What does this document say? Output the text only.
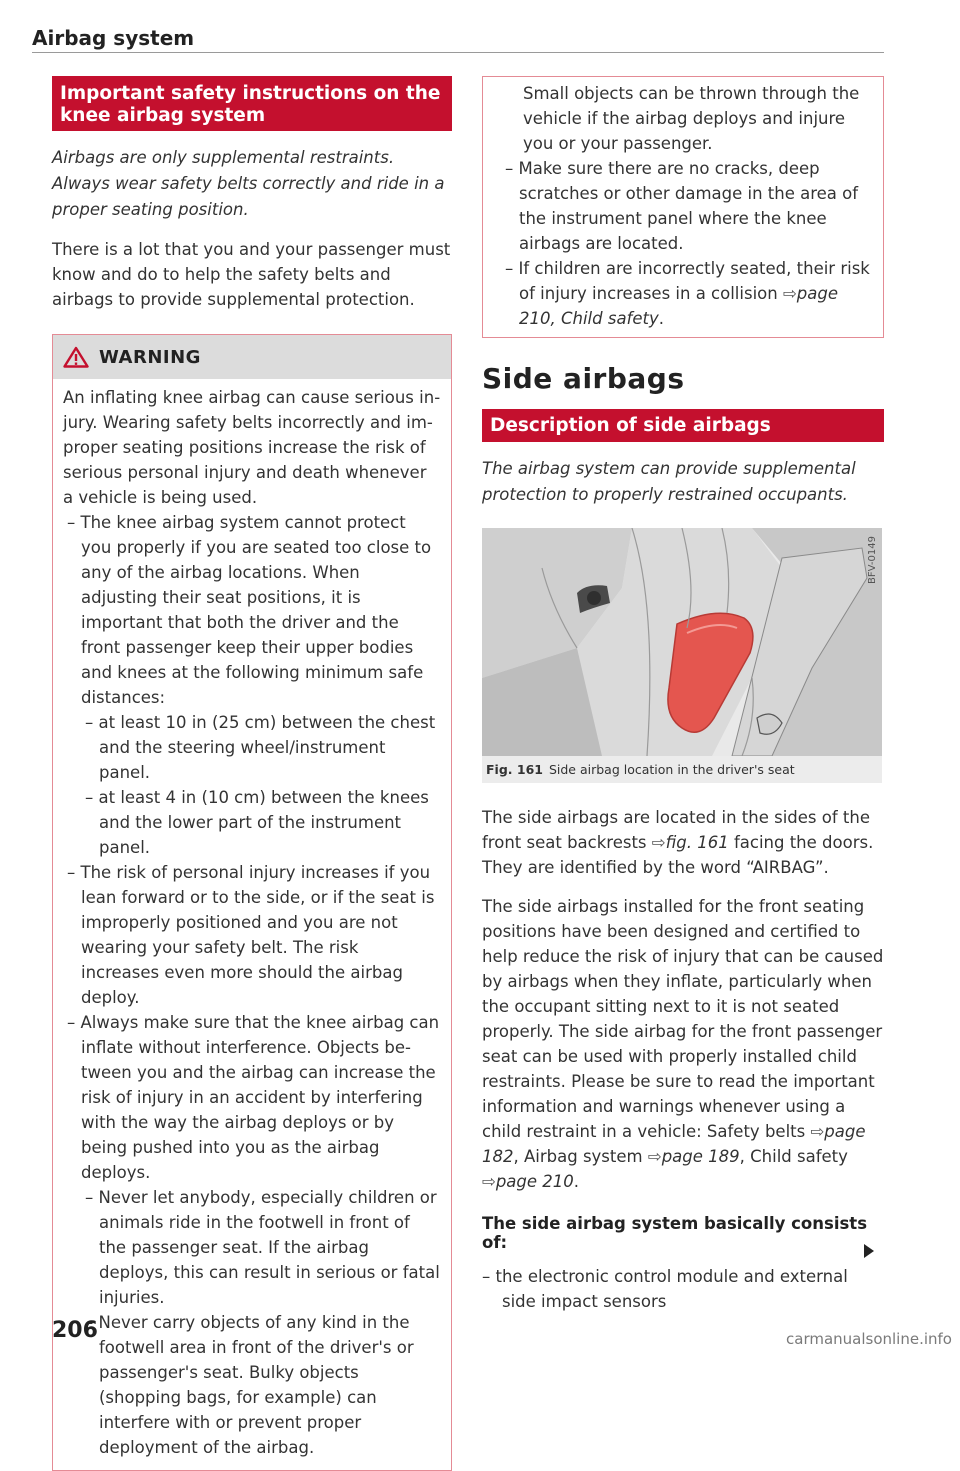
Airbag system
Important safety instructions on the knee airbag system

Airbags are only supplemental restraints. Always wear safety belts correctly and ride in a proper seating position.

There is a lot that you and your passenger must know and do to help the safety belts and airbags to provide supplemental protection.

WARNING

An inflating knee airbag can cause serious injury. Wearing safety belts incorrectly and improper seating positions increase the risk of serious personal injury and death whenever a vehicle is being used.

– The knee airbag system cannot protect you properly if you are seated too close to any of the airbag locations. When adjusting their seat positions, it is important that both the driver and the front passenger keep their upper bodies and knees at the following minimum safe distances:

– at least 10 in (25 cm) between the chest and the steering wheel/instrument panel.

– at least 4 in (10 cm) between the knees and the lower part of the instrument panel.

– The risk of personal injury increases if you lean forward or to the side, or if the seat is improperly positioned and you are not wearing your safety belt. The risk increases even more should the airbag deploy.

– Always make sure that the knee airbag can inflate without interference. Objects between you and the airbag can increase the risk of injury in an accident by interfering with the way the airbag deploys or by being pushed into you as the airbag deploys.

– Never let anybody, especially children or animals ride in the footwell in front of the passenger seat. If the airbag deploys, this can result in serious or fatal injuries.

– Never carry objects of any kind in the footwell area in front of the driver's or passenger's seat. Bulky objects (shopping bags, for example) can interfere with or prevent proper deployment of the airbag.

Small objects can be thrown through the vehicle if the airbag deploys and injure you or your passenger.

– Make sure there are no cracks, deep scratches or other damage in the area of the instrument panel where the knee airbags are located.

– If children are incorrectly seated, their risk of injury increases in a collision ⇨page 210, Child safety.

Side airbags
Description of side airbags

The airbag system can provide supplemental protection to properly restrained occupants.

BFV-0149
Fig. 161 Side airbag location in the driver's seat

The side airbags are located in the sides of the front seat backrests ⇨fig. 161 facing the doors. They are identified by the word “AIRBAG”.

The side airbags installed for the front seating positions have been designed and certified to help reduce the risk of injury that can be caused by airbags when they inflate, particularly when the occupant sitting next to it is not seated properly. The side airbag for the front passenger seat can be used with properly installed child restraints. Please be sure to read the important information and warnings whenever using a child restraint in a vehicle: Safety belts ⇨page 182, Airbag system ⇨page 189, Child safety ⇨page 210.

The side airbag system basically consists of:

– the electronic control module and external side impact sensors

206	carmanualsonline.info
